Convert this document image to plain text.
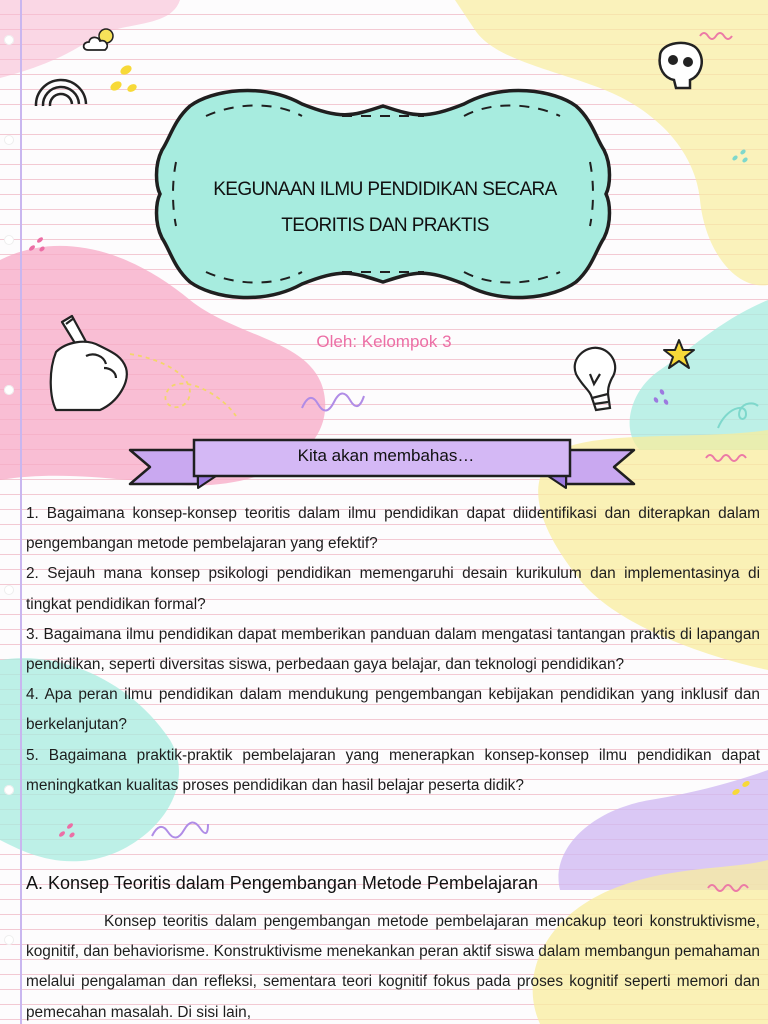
KEGUNAAN ILMU PENDIDIKAN SECARA
TEORITIS DAN PRAKTIS
Oleh: Kelompok 3
Kita akan membahas…

1. Bagaimana konsep-konsep teoritis dalam ilmu pendidikan dapat diidentifikasi dan diterapkan dalam pengembangan metode pembelajaran yang efektif?

2. Sejauh mana konsep psikologi pendidikan memengaruhi desain kurikulum dan implementasinya di tingkat pendidikan formal?

3. Bagaimana ilmu pendidikan dapat memberikan panduan dalam mengatasi tantangan praktis di lapangan pendidikan, seperti diversitas siswa, perbedaan gaya belajar, dan teknologi pendidikan?

4. Apa peran ilmu pendidikan dalam mendukung pengembangan kebijakan pendidikan yang inklusif dan berkelanjutan?

5. Bagaimana praktik-praktik pembelajaran yang menerapkan konsep-konsep ilmu pendidikan dapat meningkatkan kualitas proses pendidikan dan hasil belajar peserta didik?

A. Konsep Teoritis dalam Pengembangan Metode Pembelajaran

Konsep teoritis dalam pengembangan metode pembelajaran mencakup teori konstruktivisme, kognitif, dan behaviorisme. Konstruktivisme menekankan peran aktif siswa dalam membangun pemahaman melalui pengalaman dan refleksi, sementara teori kognitif fokus pada proses kognitif seperti memori dan pemecahan masalah. Di sisi lain,
